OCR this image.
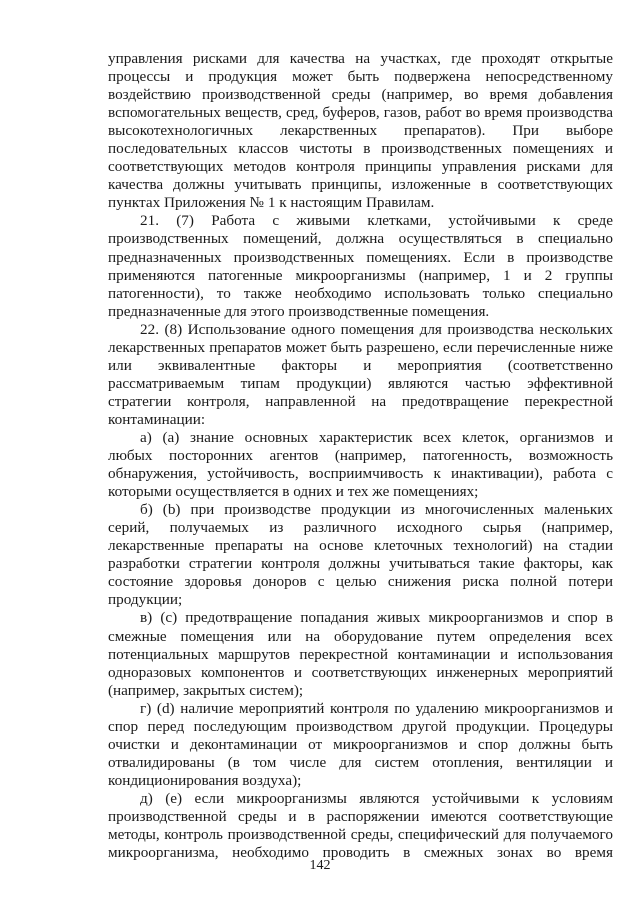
управления рисками для качества на участках, где проходят открытые
процессы и продукция может быть подвержена непосредственному
воздействию производственной среды (например, во время добавления
вспомогательных веществ, сред, буферов, газов, работ во время производства
высокотехнологичных лекарственных препаратов). При выборе
последовательных классов чистоты в производственных помещениях и
соответствующих методов контроля принципы управления рисками для
качества должны учитывать принципы, изложенные в соответствующих
пунктах Приложения № 1 к настоящим Правилам.
21. (7) Работа с живыми клетками, устойчивыми к среде
производственных помещений, должна осуществляться в специально
предназначенных производственных помещениях. Если в производстве
применяются патогенные микроорганизмы (например, 1 и 2 группы
патогенности), то также необходимо использовать только специально
предназначенные для этого производственные помещения.
22. (8) Использование одного помещения для производства нескольких
лекарственных препаратов может быть разрешено, если перечисленные ниже
или эквивалентные факторы и мероприятия (соответственно
рассматриваемым типам продукции) являются частью эффективной
стратегии контроля, направленной на предотвращение перекрестной
контаминации:
а) (a) знание основных характеристик всех клеток, организмов и
любых посторонних агентов (например, патогенность, возможность
обнаружения, устойчивость, восприимчивость к инактивации), работа с
которыми осуществляется в одних и тех же помещениях;
б) (b) при производстве продукции из многочисленных маленьких
серий, получаемых из различного исходного сырья (например,
лекарственные препараты на основе клеточных технологий) на стадии
разработки стратегии контроля должны учитываться такие факторы, как
состояние здоровья доноров с целью снижения риска полной потери
продукции;
в) (c) предотвращение попадания живых микроорганизмов и спор в
смежные помещения или на оборудование путем определения всех
потенциальных маршрутов перекрестной контаминации и использования
одноразовых компонентов и соответствующих инженерных мероприятий
(например, закрытых систем);
г) (d) наличие мероприятий контроля по удалению микроорганизмов и
спор перед последующим производством другой продукции. Процедуры
очистки и деконтаминации от микроорганизмов и спор должны быть
отвалидированы (в том числе для систем отопления, вентиляции и
кондиционирования воздуха);
д) (e) если микроорганизмы являются устойчивыми к условиям
производственной среды и в распоряжении имеются соответствующие
методы, контроль производственной среды, специфический для получаемого
микроорганизма, необходимо проводить в смежных зонах во время
142
